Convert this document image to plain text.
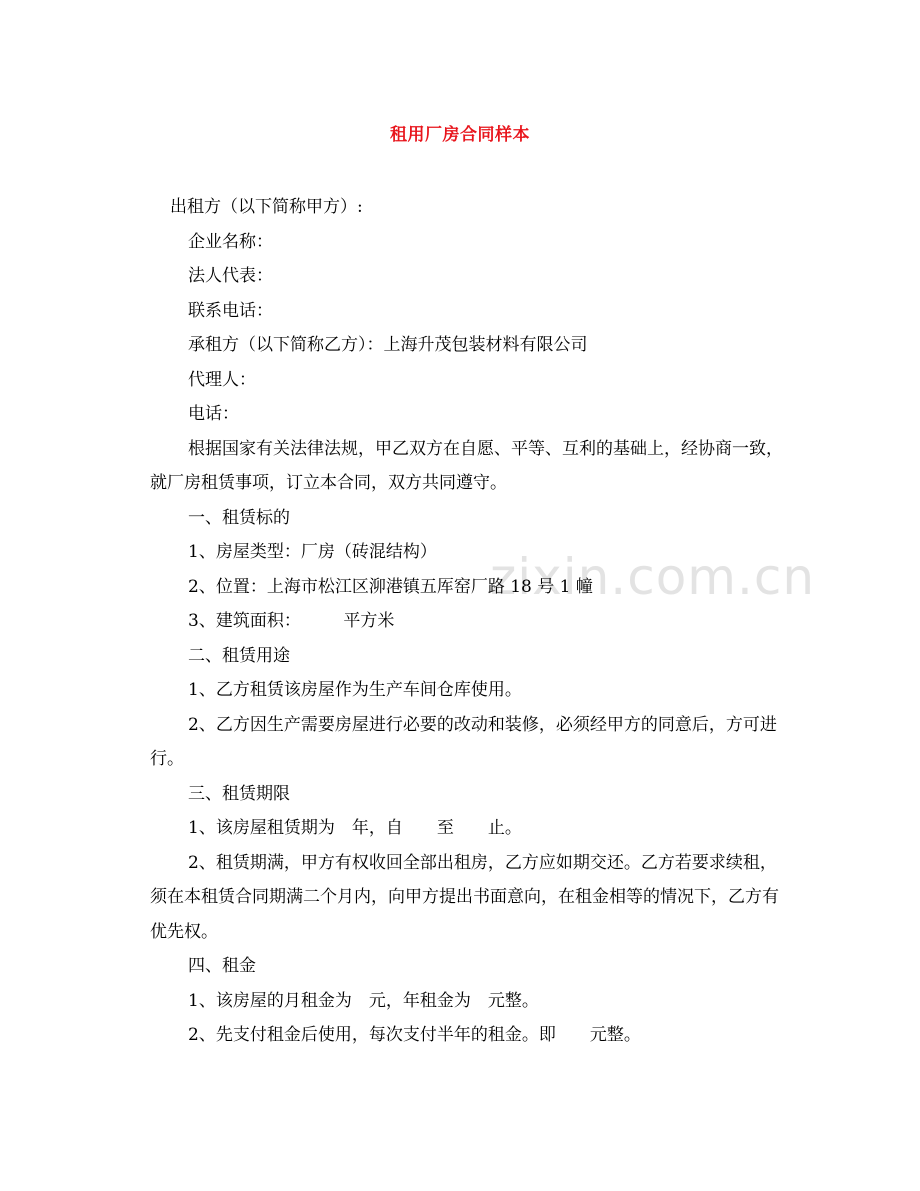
租用厂房合同样本
zixin.com.cn

出租方（以下简称甲方）:

企业名称：

法人代表：

联系电话：

承租方（以下简称乙方）：上海升茂包装材料有限公司

代理人：

电话：

根据国家有关法律法规，甲乙双方在自愿、平等、互利的基础上，经协商一致，就厂房租赁事项，订立本合同，双方共同遵守。

一、租赁标的

1、房屋类型：厂房（砖混结构）

2、位置：上海市松江区泖港镇五厍窑厂路 18 号 1 幢

3、建筑面积：　　　平方米

二、租赁用途

1、乙方租赁该房屋作为生产车间仓库使用。

2、乙方因生产需要房屋进行必要的改动和装修，必须经甲方的同意后，方可进行。

三、租赁期限

1、该房屋租赁期为　年，自　　至　　止。

2、租赁期满，甲方有权收回全部出租房，乙方应如期交还。乙方若要求续租，须在本租赁合同期满二个月内，向甲方提出书面意向，在租金相等的情况下，乙方有优先权。

四、租金

1、该房屋的月租金为　元，年租金为　元整。

2、先支付租金后使用，每次支付半年的租金。即　　元整。
